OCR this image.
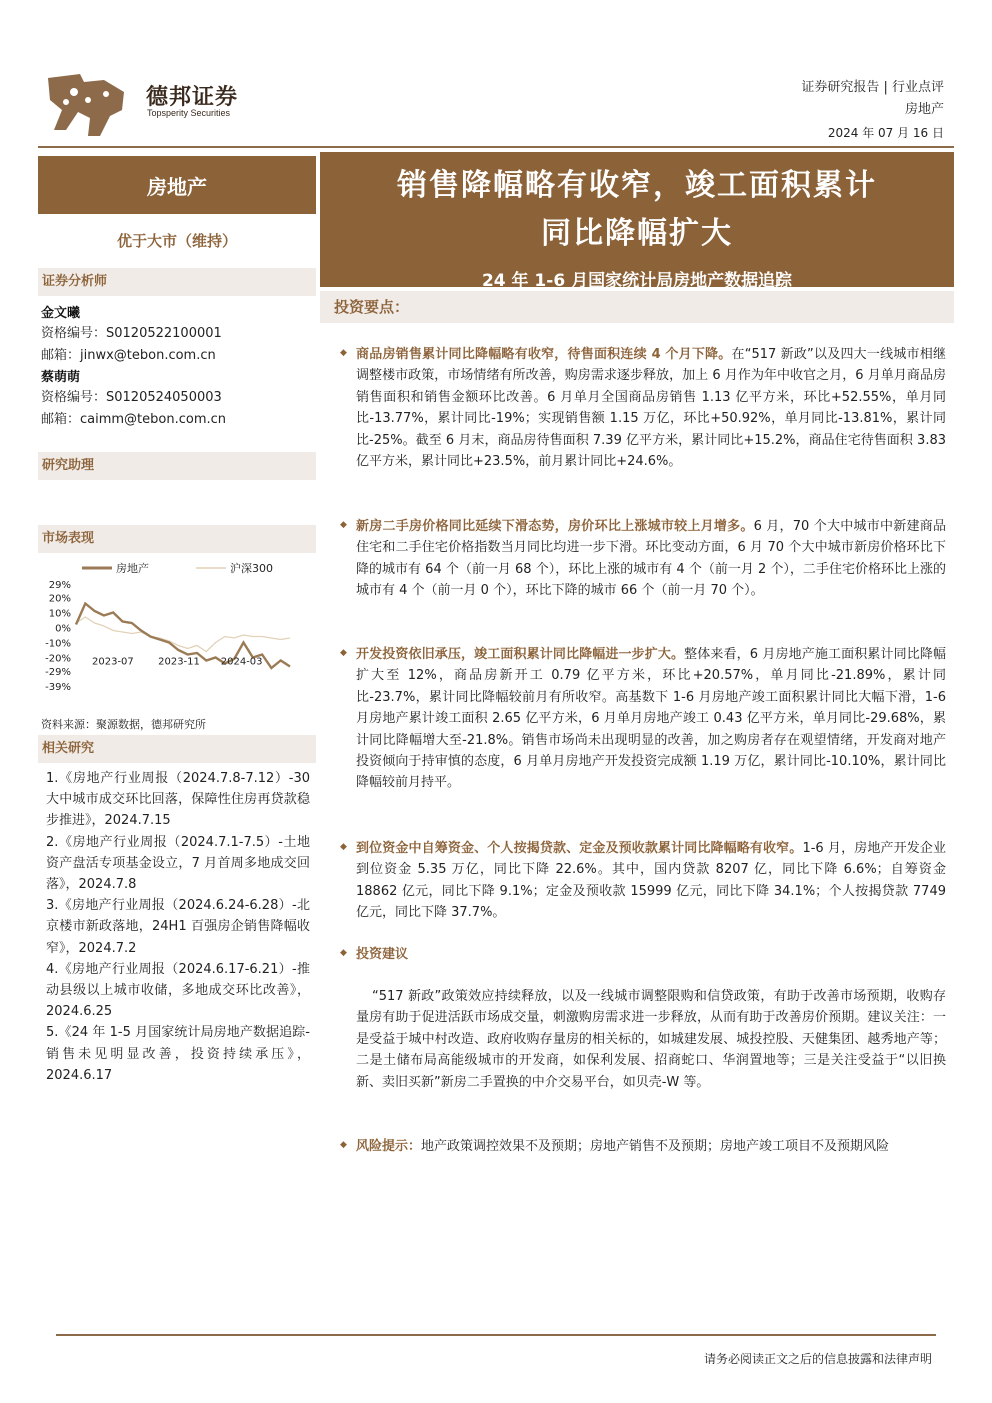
德邦证券
Topsperity Securities
证券研究报告 | 行业点评
房地产
2024 年 07 月 16 日
房地产
优于大市（维持）
证券分析师
金文曦
资格编号：S0120522100001
邮箱：jinwx@tebon.com.cn
蔡萌萌
资格编号：S0120524050003
邮箱：caimm@tebon.com.cn
研究助理
市场表现
房地产	沪深300
29%
20%
10%
0%
-10%
-20%
-29%
-39%
2023-07 2023-11 2024-03
资料来源：聚源数据，德邦研究所
相关研究
1.《房地产行业周报（2024.7.8-7.12）-30 大中城市成交环比回落，保障性住房再贷款稳步推进》，2024.7.15
2.《房地产行业周报（2024.7.1-7.5）-土地资产盘活专项基金设立，7 月首周多地成交回落》，2024.7.8
3.《房地产行业周报（2024.6.24-6.28）-北京楼市新政落地，24H1 百强房企销售降幅收窄》，2024.7.2
4.《房地产行业周报（2024.6.17-6.21）-推动县级以上城市收储，多地成交环比改善》，2024.6.25
5.《24 年 1-5 月国家统计局房地产数据追踪-销售未见明显改善，投资持续承压》，2024.6.17
销售降幅略有收窄，竣工面积累计
同比降幅扩大
24 年 1-6 月国家统计局房地产数据追踪
投资要点：
◆ 商品房销售累计同比降幅略有收窄，待售面积连续 4 个月下降。在“517 新政”以及四大一线城市相继调整楼市政策，市场情绪有所改善，购房需求逐步释放，加上 6 月作为年中收官之月，6 月单月商品房销售面积和销售金额环比改善。6 月单月全国商品房销售 1.13 亿平方米，环比+52.55%，单月同比-13.77%，累计同比-19%；实现销售额 1.15 万亿，环比+50.92%，单月同比-13.81%，累计同比-25%。截至 6 月末，商品房待售面积 7.39 亿平方米，累计同比+15.2%，商品住宅待售面积 3.83 亿平方米，累计同比+23.5%，前月累计同比+24.6%。
◆ 新房二手房价格同比延续下滑态势，房价环比上涨城市较上月增多。6 月，70 个大中城市中新建商品住宅和二手住宅价格指数当月同比均进一步下滑。环比变动方面，6 月 70 个大中城市新房价格环比下降的城市有 64 个（前一月 68 个），环比上涨的城市有 4 个（前一月 2 个），二手住宅价格环比上涨的城市有 4 个（前一月 0 个），环比下降的城市 66 个（前一月 70 个）。
◆ 开发投资依旧承压，竣工面积累计同比降幅进一步扩大。整体来看，6 月房地产施工面积累计同比降幅扩大至 12%，商品房新开工 0.79 亿平方米，环比+20.57%，单月同比-21.89%，累计同比-23.7%，累计同比降幅较前月有所收窄。高基数下 1-6 月房地产竣工面积累计同比大幅下滑，1-6 月房地产累计竣工面积 2.65 亿平方米，6 月单月房地产竣工 0.43 亿平方米，单月同比-29.68%，累计同比降幅增大至-21.8%。销售市场尚未出现明显的改善，加之购房者存在观望情绪，开发商对地产投资倾向于持审慎的态度，6 月单月房地产开发投资完成额 1.19 万亿，累计同比-10.10%，累计同比降幅较前月持平。
◆ 到位资金中自筹资金、个人按揭贷款、定金及预收款累计同比降幅略有收窄。1-6 月，房地产开发企业到位资金 5.35 万亿，同比下降 22.6%。其中，国内贷款 8207 亿，同比下降 6.6%；自筹资金 18862 亿元，同比下降 9.1%；定金及预收款 15999 亿元，同比下降 34.1%；个人按揭贷款 7749 亿元，同比下降 37.7%。
◆ 投资建议
“517 新政”政策效应持续释放，以及一线城市调整限购和信贷政策，有助于改善市场预期，收购存量房有助于促进活跃市场成交量，刺激购房需求进一步释放，从而有助于改善房价预期。建议关注：一是受益于城中村改造、政府收购存量房的相关标的，如城建发展、城投控股、天健集团、越秀地产等；二是土储布局高能级城市的开发商，如保利发展、招商蛇口、华润置地等；三是关注受益于“以旧换新、卖旧买新”新房二手置换的中介交易平台，如贝壳-W 等。
◆ 风险提示：地产政策调控效果不及预期；房地产销售不及预期；房地产竣工项目不及预期风险
请务必阅读正文之后的信息披露和法律声明
